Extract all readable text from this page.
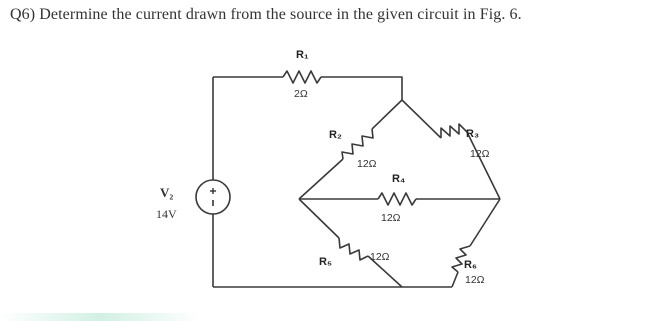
Q6) Determine the current drawn from the source in the given circuit in Fig. 6.
V₂
14V
R₁
2Ω
R₂
12Ω
R₃
12Ω
R₄
12Ω
R₅	12Ω
R₆
12Ω
